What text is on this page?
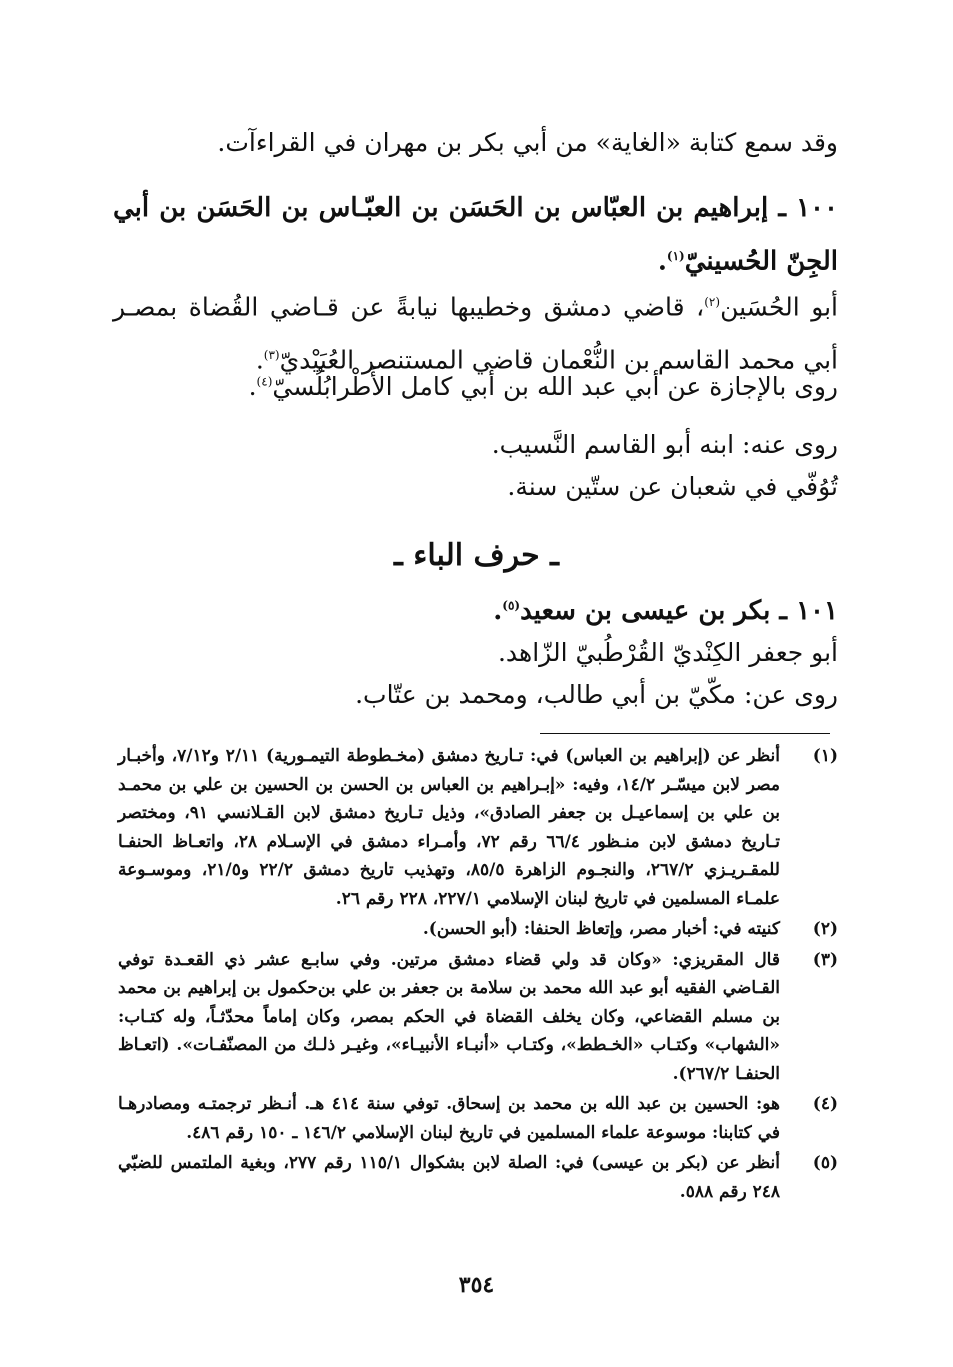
وقد سمع كتابة «الغاية» من أبي بكر بن مهران في القراءآت.
١٠٠ ـ إبراهيم بن العبّاس بن الحَسَن بن العبّـاس بن الحَسَن بن أبي الجِنّ الحُسينيّ$^{(١)}$.
أبو الحُسَين$^{(٢)}$، قاضي دمشق وخطيبها نيابةً عن قـاضي القُضاة بمصـر أبي محمد القاسم بن النُّعْمان قاضي المستنصر العُبَيْديّ$^{(٣)}$.
روى بالإجازة عن أبي عبد الله بن أبي كامل الأَطْرابُلُسيّ$^{(٤)}$.
روى عنه: ابنه أبو القاسم النَّسيب.
تُوُفّي في شعبان عن ستّين سنة.
ـ حرف الباء ـ
١٠١ ـ بكر بن عيسى بن سعيد$^{(٥)}$.
أبو جعفر الكِنْديّ القُرْطُبيّ الزّاهد.
روى عن: مكّيّ بن أبي طالب، ومحمد بن عتّاب.
(١)
أنظر عن (إبراهيم بن العباس) في: تـاريخ دمشق (مخـطوطة التيمـورية) ٢/١١ و٧/١٢، وأخبـار مصر لابن ميسّـر ١٤/٢، وفيه: «إبـراهيم بن العباس بن الحسن بن الحسين بن علي بن محمـد بن علي بن إسماعيـل بن جعفر الصادق»، وذيل تـاريخ دمشق لابن القـلانسي ٩١، ومختصر تـاريخ دمشق لابن منـظور ٦٦/٤ رقم ٧٢، وأمـراء دمشق في الإسـلام ٢٨، واتعـاظ الحنفـا للمقـريـزي ٢٦٧/٢، والنجـوم الزاهرة ٨٥/٥، وتهذيب تاريخ دمشق ٢٢/٢ و٢١/٥، وموسـوعة علمـاء المسلمين في تاريخ لبنان الإسلامي ٢٢٧/١، ٢٢٨ رقم ٢٦.
(٢)
كنيته في: أخبار مصر، وإتعاظ الحنفا: (أبو الحسن).
(٣)
قال المقريزي: «وكان قد ولي قضاء دمشق مرتين. وفي سابـع عشر ذي القعـدة توفي القـاضي الفقيه أبو عبد الله محمد بن سلامة بن جعفر بن علي بن‌حكمول بن إبراهيم بن محمد بن مسلم القضاعي، وكان يخلف القضاة في الحكم بمصر، وكان إماماً محدّثـاً، وله كتـاب: «الشهاب» وكتـاب «الخـطط»، وكتـاب «أنبـاء الأنبيـاء»، وغيـر ذلـك من المصنّفـات». (اتعـاظ الحنفـا ٢٦٧/٢).
(٤)
هو: الحسين بن عبد الله بن محمد بن إسحاق. توفي سنة ٤١٤ هـ. أنـظر ترجمتـه ومصادرهـا في كتابنا: موسوعة علماء المسلمين في تاريخ لبنان الإسلامي ١٤٦/٢ ـ ١٥٠ رقم ٤٨٦.
(٥)
أنظر عن (بكر بن عيسى) في: الصلة لابن بشكوال ١١٥/١ رقم ٢٧٧، وبغية الملتمس للضبّي ٢٤٨ رقم ٥٨٨.
٣٥٤
